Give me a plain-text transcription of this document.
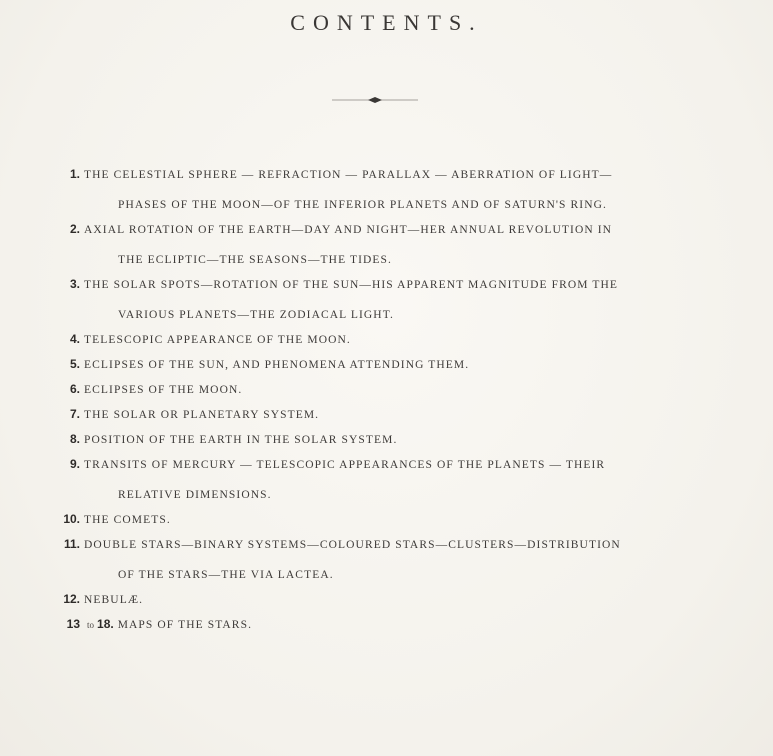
CONTENTS.
1. THE CELESTIAL SPHERE — REFRACTION — PARALLAX — ABERRATION OF LIGHT—
PHASES OF THE MOON—OF THE INFERIOR PLANETS AND OF SATURN'S RING.
2. AXIAL ROTATION OF THE EARTH—DAY AND NIGHT—HER ANNUAL REVOLUTION IN
THE ECLIPTIC—THE SEASONS—THE TIDES.
3. THE SOLAR SPOTS—ROTATION OF THE SUN—HIS APPARENT MAGNITUDE FROM THE
VARIOUS PLANETS—THE ZODIACAL LIGHT.
4. TELESCOPIC APPEARANCE OF THE MOON.
5. ECLIPSES OF THE SUN, AND PHENOMENA ATTENDING THEM.
6. ECLIPSES OF THE MOON.
7. THE SOLAR OR PLANETARY SYSTEM.
8. POSITION OF THE EARTH IN THE SOLAR SYSTEM.
9. TRANSITS OF MERCURY — TELESCOPIC APPEARANCES OF THE PLANETS — THEIR
RELATIVE DIMENSIONS.
10. THE COMETS.
11. DOUBLE STARS—BINARY SYSTEMS—COLOURED STARS—CLUSTERS—DISTRIBUTION
OF THE STARS—THE VIA LACTEA.
12. NEBULÆ.
13 to 18. MAPS OF THE STARS.
